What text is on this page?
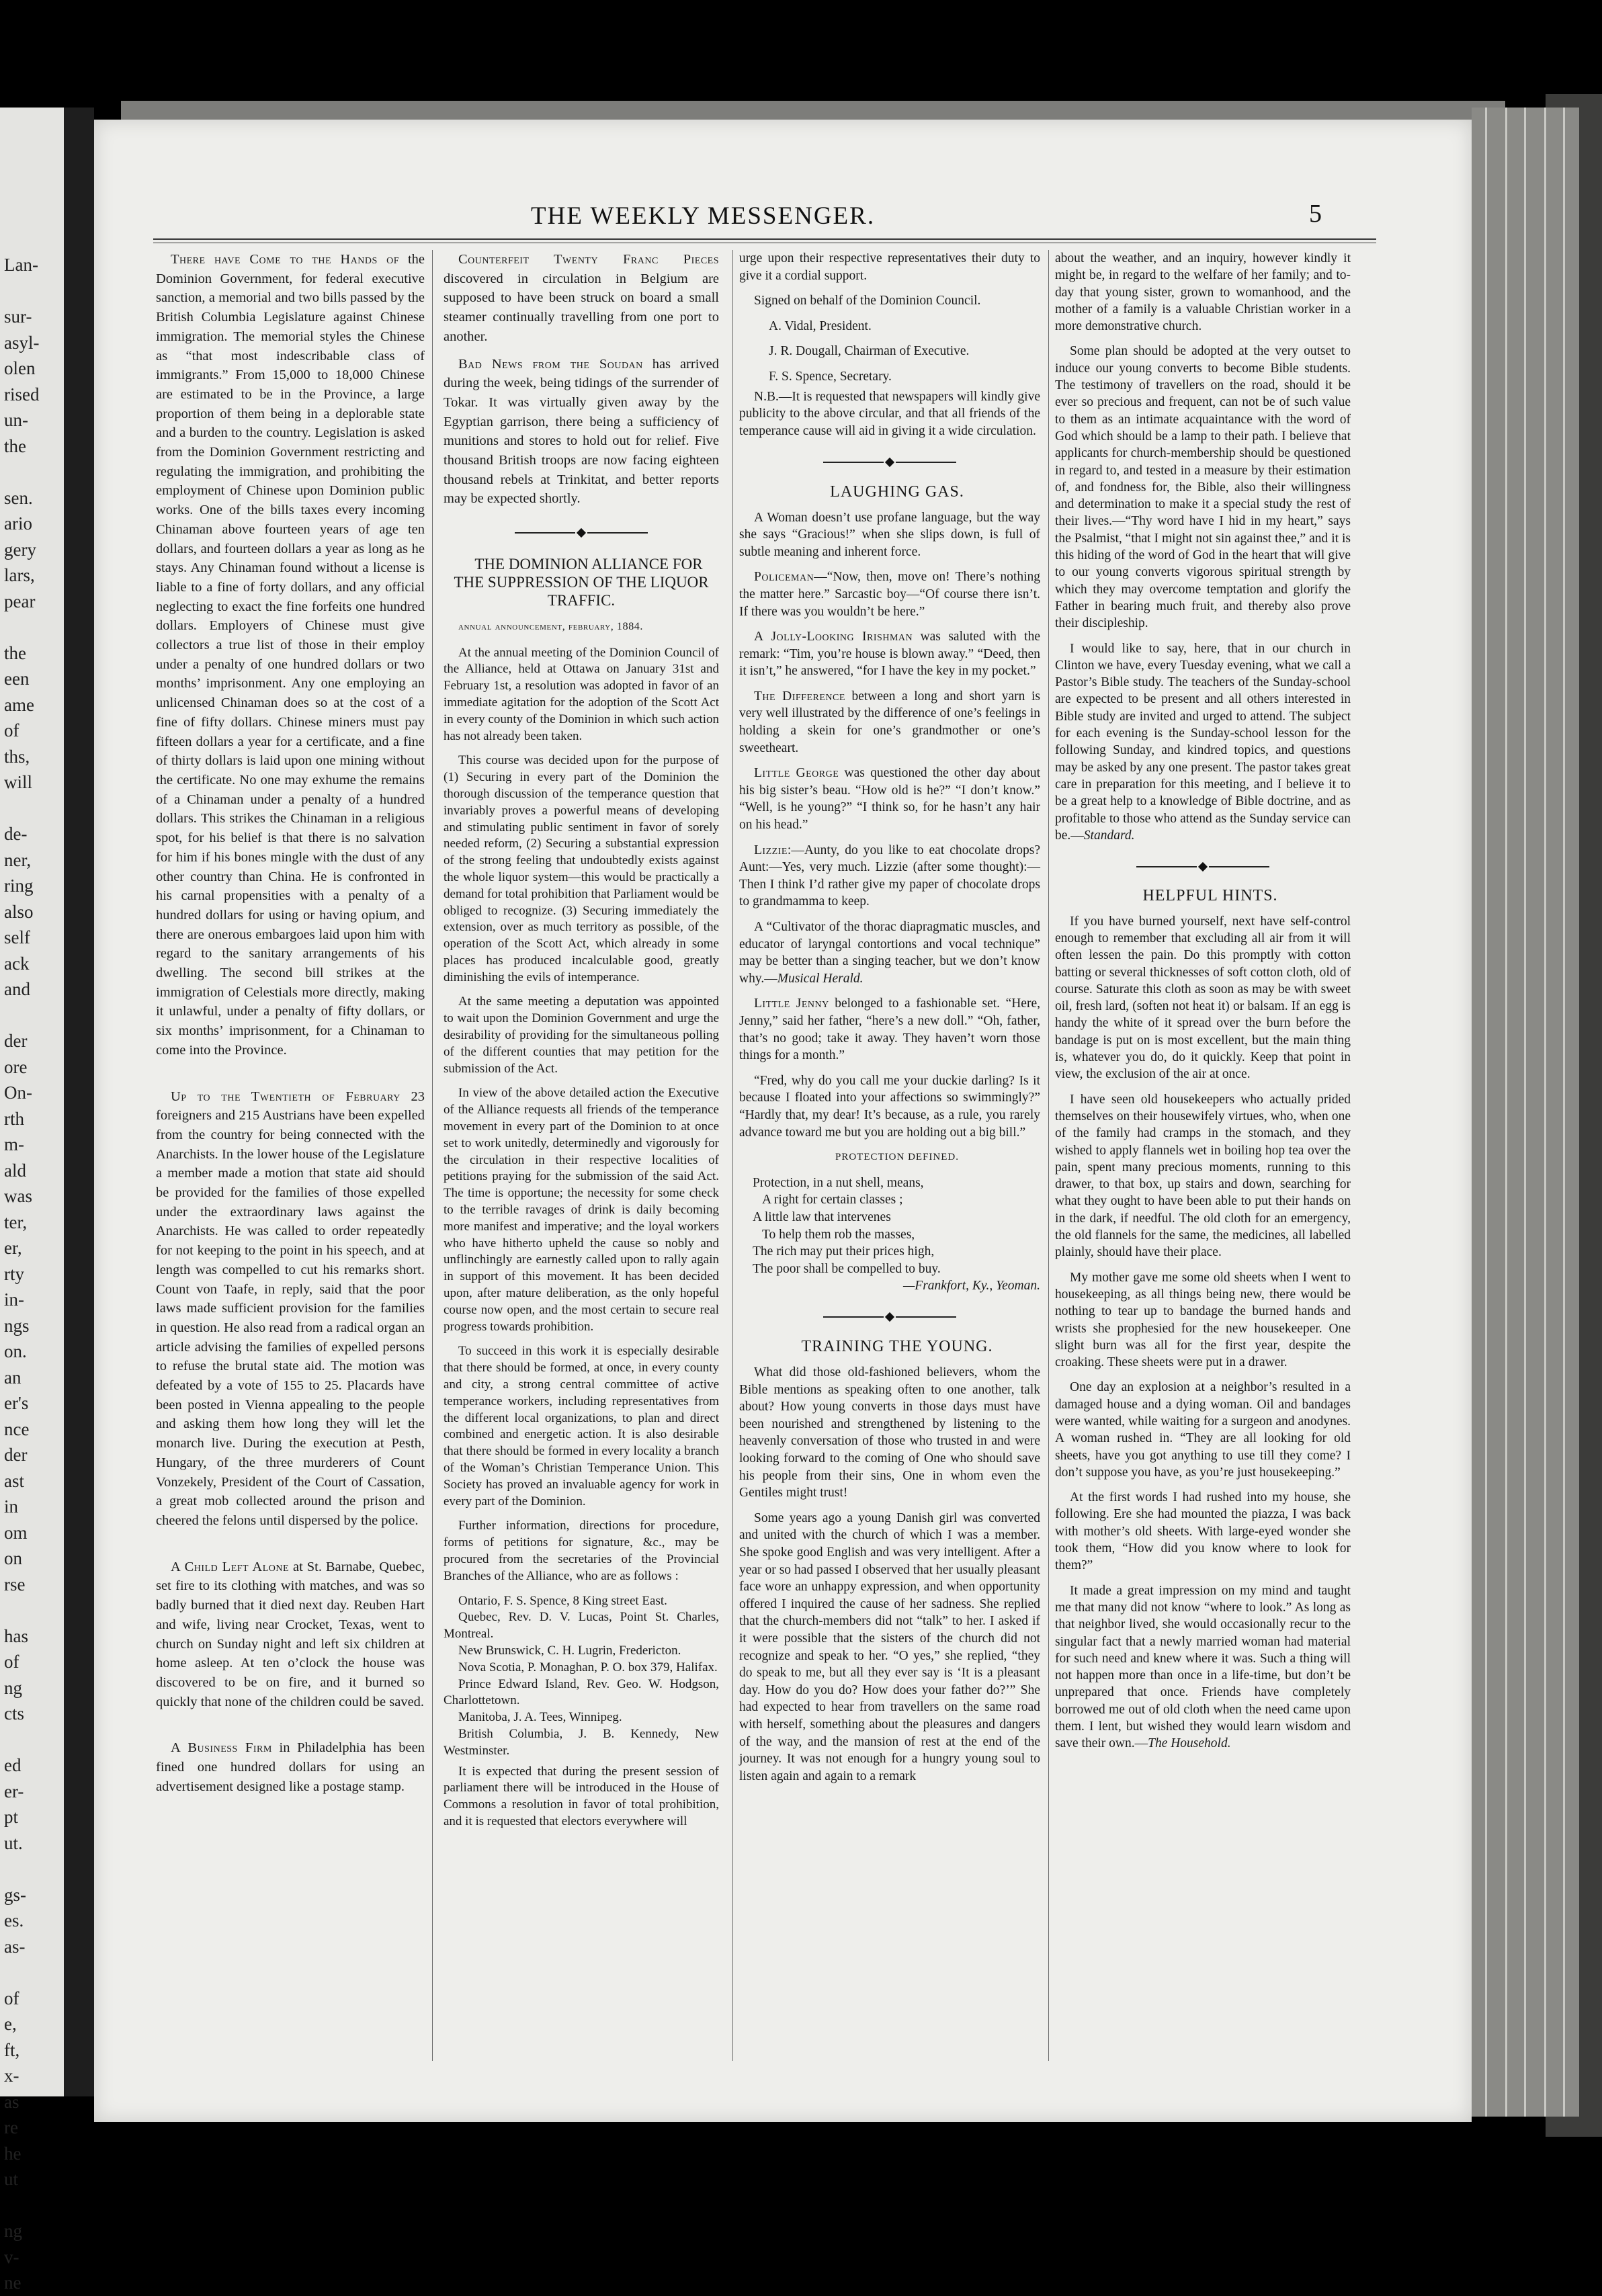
Lan-

sur-
asyl-
olen
rised
un-
the

sen.
ario
gery
lars,
pear

the
een
ame
of
ths,
will

de-
ner,
ring
also
self
ack
and

der
ore
On-
rth
m-
ald
was
ter,
er,
rty
in-
ngs
on.
an
er's
nce
der
ast
in
om
on
rse

has
of
ng
cts

ed
er-
pt
ut.

gs-
es.
as-

of
e,
ft,
x-
as
re
he
ut

ng
v-
ne
THE WEEKLY MESSENGER.	5

There have Come to the Hands of the Dominion Government, for federal executive sanction, a memorial and two bills passed by the British Columbia Legislature against Chinese immigration. The memorial styles the Chinese as “that most indescribable class of immigrants.” From 15,000 to 18,000 Chinese are estimated to be in the Province, a large proportion of them being in a deplorable state and a burden to the country. Legislation is asked from the Dominion Government restricting and regulating the immigration, and prohibiting the employment of Chinese upon Dominion public works. One of the bills taxes every incoming Chinaman above fourteen years of age ten dollars, and fourteen dollars a year as long as he stays. Any Chinaman found without a license is liable to a fine of forty dollars, and any official neglecting to exact the fine forfeits one hundred dollars. Employers of Chinese must give collectors a true list of those in their employ under a penalty of one hundred dollars or two months’ imprisonment. Any one employing an unlicensed Chinaman does so at the cost of a fine of fifty dollars. Chinese miners must pay fifteen dollars a year for a certificate, and a fine of thirty dollars is laid upon one mining without the certificate. No one may exhume the remains of a Chinaman under a penalty of a hundred dollars. This strikes the Chinaman in a religious spot, for his belief is that there is no salvation for him if his bones mingle with the dust of any other country than China. He is confronted in his carnal propensities with a penalty of a hundred dollars for using or having opium, and there are onerous embargoes laid upon him with regard to the sanitary arrangements of his dwelling. The second bill strikes at the immigration of Celestials more directly, making it unlawful, under a penalty of fifty dollars, or six months’ imprisonment, for a Chinaman to come into the Province.

Up to the Twentieth of February 23 foreigners and 215 Austrians have been expelled from the country for being connected with the Anarchists. In the lower house of the Legislature a member made a motion that state aid should be provided for the families of those expelled under the extraordinary laws against the Anarchists. He was called to order repeatedly for not keeping to the point in his speech, and at length was compelled to cut his remarks short. Count von Taafe, in reply, said that the poor laws made sufficient provision for the families in question. He also read from a radical organ an article advising the families of expelled persons to refuse the brutal state aid. The motion was defeated by a vote of 155 to 25. Placards have been posted in Vienna appealing to the people and asking them how long they will let the monarch live. During the execution at Pesth, Hungary, of the three murderers of Count Vonzekely, President of the Court of Cassation, a great mob collected around the prison and cheered the felons until dispersed by the police.

A Child Left Alone at St. Barnabe, Quebec, set fire to its clothing with matches, and was so badly burned that it died next day. Reuben Hart and wife, living near Crocket, Texas, went to church on Sunday night and left six children at home asleep. At ten o’clock the house was discovered to be on fire, and it burned so quickly that none of the children could be saved.

A Business Firm in Philadelphia has been fined one hundred dollars for using an advertisement designed like a postage stamp.

Counterfeit Twenty Franc Pieces discovered in circulation in Belgium are supposed to have been struck on board a small steamer continually travelling from one port to another.

Bad News from the Soudan has arrived during the week, being tidings of the surrender of Tokar. It was virtually given away by the Egyptian garrison, there being a sufficiency of munitions and stores to hold out for relief. Five thousand British troops are now facing eighteen thousand rebels at Trinkitat, and better reports may be expected shortly.

THE DOMINION ALLIANCE FOR THE SUPPRESSION OF THE LIQUOR TRAFFIC.

annual announcement, february, 1884.

At the annual meeting of the Dominion Council of the Alliance, held at Ottawa on January 31st and February 1st, a resolution was adopted in favor of an immediate agitation for the adoption of the Scott Act in every county of the Dominion in which such action has not already been taken.

This course was decided upon for the purpose of (1) Securing in every part of the Dominion the thorough discussion of the temperance question that invariably proves a powerful means of developing and stimulating public sentiment in favor of sorely needed reform, (2) Securing a substantial expression of the strong feeling that undoubtedly exists against the whole liquor system—this would be practically a demand for total prohibition that Parliament would be obliged to recognize. (3) Securing immediately the extension, over as much territory as possible, of the operation of the Scott Act, which already in some places has produced incalculable good, greatly diminishing the evils of intemperance.

At the same meeting a deputation was appointed to wait upon the Dominion Government and urge the desirability of providing for the simultaneous polling of the different counties that may petition for the submission of the Act.

In view of the above detailed action the Executive of the Alliance requests all friends of the temperance movement in every part of the Dominion to at once set to work unitedly, determinedly and vigorously for the circulation in their respective localities of petitions praying for the submission of the said Act. The time is opportune; the necessity for some check to the terrible ravages of drink is daily becoming more manifest and imperative; and the loyal workers who have hitherto upheld the cause so nobly and unflinchingly are earnestly called upon to rally again in support of this movement. It has been decided upon, after mature deliberation, as the only hopeful course now open, and the most certain to secure real progress towards prohibition.

To succeed in this work it is especially desirable that there should be formed, at once, in every county and city, a strong central committee of active temperance workers, including representatives from the different local organizations, to plan and direct combined and energetic action. It is also desirable that there should be formed in every locality a branch of the Woman’s Christian Temperance Union. This Society has proved an invaluable agency for work in every part of the Dominion.

Further information, directions for procedure, forms of petitions for signature, &c., may be procured from the secretaries of the Provincial Branches of the Alliance, who are as follows :

Ontario, F. S. Spence, 8 King street East.

Quebec, Rev. D. V. Lucas, Point St. Charles, Montreal.

New Brunswick, C. H. Lugrin, Fredericton.

Nova Scotia, P. Monaghan, P. O. box 379, Halifax.

Prince Edward Island, Rev. Geo. W. Hodgson, Charlottetown.

Manitoba, J. A. Tees, Winnipeg.

British Columbia, J. B. Kennedy, New Westminster.

It is expected that during the present session of parliament there will be introduced in the House of Commons a resolution in favor of total prohibition, and it is requested that electors everywhere will

urge upon their respective representatives their duty to give it a cordial support.

Signed on behalf of the Dominion Council.

A. Vidal, President.

J. R. Dougall, Chairman of Executive.

F. S. Spence, Secretary.

N.B.—It is requested that newspapers will kindly give publicity to the above circular, and that all friends of the temperance cause will aid in giving it a wide circulation.

LAUGHING GAS.

A Woman doesn’t use profane language, but the way she says “Gracious!” when she slips down, is full of subtle meaning and inherent force.

Policeman—“Now, then, move on! There’s nothing the matter here.” Sarcastic boy—“Of course there isn’t. If there was you wouldn’t be here.”

A Jolly-Looking Irishman was saluted with the remark: “Tim, you’re house is blown away.” “Deed, then it isn’t,” he answered, “for I have the key in my pocket.”

The Difference between a long and short yarn is very well illustrated by the difference of one’s feelings in holding a skein for one’s grandmother or one’s sweetheart.

Little George was questioned the other day about his big sister’s beau. “How old is he?” “I don’t know.” “Well, is he young?” “I think so, for he hasn’t any hair on his head.”

Lizzie:—Aunty, do you like to eat chocolate drops? Aunt:—Yes, very much. Lizzie (after some thought):—Then I think I’d rather give my paper of chocolate drops to grandmamma to keep.

A “Cultivator of the thorac diapragmatic muscles, and educator of laryngal contortions and vocal technique” may be better than a singing teacher, but we don’t know why.—Musical Herald.

Little Jenny belonged to a fashionable set. “Here, Jenny,” said her father, “here’s a new doll.” “Oh, father, that’s no good; take it away. They haven’t worn those things for a month.”

“Fred, why do you call me your duckie darling? Is it because I floated into your affections so swimmingly?” “Hardly that, my dear! It’s because, as a rule, you rarely advance toward me but you are holding out a big bill.”

PROTECTION DEFINED.

Protection, in a nut shell, means,
A right for certain classes ;
A little law that intervenes
To help them rob the masses,
The rich may put their prices high,
The poor shall be compelled to buy.
—Frankfort, Ky., Yeoman.

TRAINING THE YOUNG.

What did those old-fashioned believers, whom the Bible mentions as speaking often to one another, talk about? How young converts in those days must have been nourished and strengthened by listening to the heavenly conversation of those who trusted in and were looking forward to the coming of One who should save his people from their sins, One in whom even the Gentiles might trust!

Some years ago a young Danish girl was converted and united with the church of which I was a member. She spoke good English and was very intelligent. After a year or so had passed I observed that her usually pleasant face wore an unhappy expression, and when opportunity offered I inquired the cause of her sadness. She replied that the church-members did not “talk” to her. I asked if it were possible that the sisters of the church did not recognize and speak to her. “O yes,” she replied, “they do speak to me, but all they ever say is ‘It is a pleasant day. How do you do? How does your father do?’” She had expected to hear from travellers on the same road with herself, something about the pleasures and dangers of the way, and the mansion of rest at the end of the journey. It was not enough for a hungry young soul to listen again and again to a remark

about the weather, and an inquiry, however kindly it might be, in regard to the welfare of her family; and to-day that young sister, grown to womanhood, and the mother of a family is a valuable Christian worker in a more demonstrative church.

Some plan should be adopted at the very outset to induce our young converts to become Bible students. The testimony of travellers on the road, should it be ever so precious and frequent, can not be of such value to them as an intimate acquaintance with the word of God which should be a lamp to their path. I believe that applicants for church-membership should be questioned in regard to, and tested in a measure by their estimation of, and fondness for, the Bible, also their willingness and determination to make it a special study the rest of their lives.—“Thy word have I hid in my heart,” says the Psalmist, “that I might not sin against thee,” and it is this hiding of the word of God in the heart that will give to our young converts vigorous spiritual strength by which they may overcome temptation and glorify the Father in bearing much fruit, and thereby also prove their discipleship.

I would like to say, here, that in our church in Clinton we have, every Tuesday evening, what we call a Pastor’s Bible study. The teachers of the Sunday-school are expected to be present and all others interested in Bible study are invited and urged to attend. The subject for each evening is the Sunday-school lesson for the following Sunday, and kindred topics, and questions may be asked by any one present. The pastor takes great care in preparation for this meeting, and I believe it to be a great help to a knowledge of Bible doctrine, and as profitable to those who attend as the Sunday service can be.—Standard.

HELPFUL HINTS.

If you have burned yourself, next have self-control enough to remember that excluding all air from it will often lessen the pain. Do this promptly with cotton batting or several thicknesses of soft cotton cloth, old of course. Saturate this cloth as soon as may be with sweet oil, fresh lard, (soften not heat it) or balsam. If an egg is handy the white of it spread over the burn before the bandage is put on is most excellent, but the main thing is, whatever you do, do it quickly. Keep that point in view, the exclusion of the air at once.

I have seen old housekeepers who actually prided themselves on their housewifely virtues, who, when one of the family had cramps in the stomach, and they wished to apply flannels wet in boiling hop tea over the pain, spent many precious moments, running to this drawer, to that box, up stairs and down, searching for what they ought to have been able to put their hands on in the dark, if needful. The old cloth for an emergency, the old flannels for the same, the medicines, all labelled plainly, should have their place.

My mother gave me some old sheets when I went to housekeeping, as all things being new, there would be nothing to tear up to bandage the burned hands and wrists she prophesied for the new housekeeper. One slight burn was all for the first year, despite the croaking. These sheets were put in a drawer.

One day an explosion at a neighbor’s resulted in a damaged house and a dying woman. Oil and bandages were wanted, while waiting for a surgeon and anodynes. A woman rushed in. “They are all looking for old sheets, have you got anything to use till they come? I don’t suppose you have, as you’re just housekeeping.”

At the first words I had rushed into my house, she following. Ere she had mounted the piazza, I was back with mother’s old sheets. With large-eyed wonder she took them, “How did you know where to look for them?”

It made a great impression on my mind and taught me that many did not know “where to look.” As long as that neighbor lived, she would occasionally recur to the singular fact that a newly married woman had material for such need and knew where it was. Such a thing will not happen more than once in a life-time, but don’t be unprepared that once. Friends have completely borrowed me out of old cloth when the need came upon them. I lent, but wished they would learn wisdom and save their own.—The Household.
